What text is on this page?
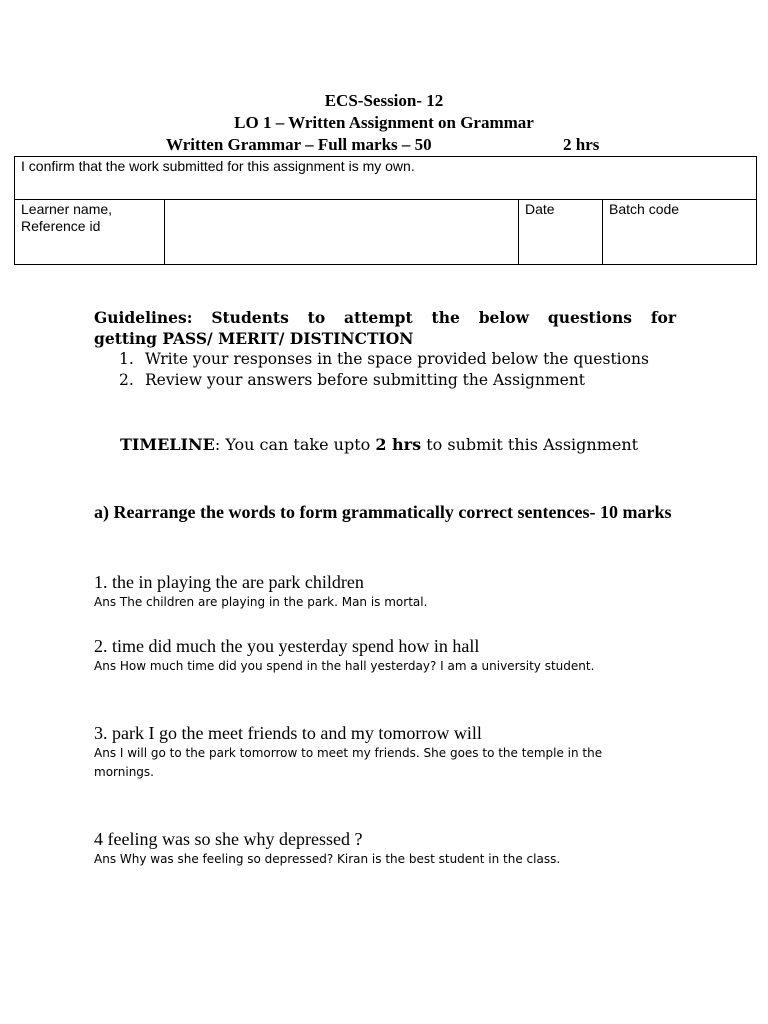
ECS-Session- 12
LO 1 – Written Assignment on Grammar
Written Grammar – Full marks – 50	2 hrs
I confirm that the work submitted for this assignment is my own.

Learner name,
Reference id
		Date	Batch code
Guidelines: Students to attempt the below questions for
getting PASS/ MERIT/ DISTINCTION
1. Write your responses in the space provided below the questions
2. Review your answers before submitting the Assignment
TIMELINE: You can take upto 2 hrs to submit this Assignment
a) Rearrange the words to form grammatically correct sentences- 10 marks
1. the in playing the are park children
Ans The children are playing in the park. Man is mortal.
2. time did much the you yesterday spend how in hall
Ans How much time did you spend in the hall yesterday? I am a university student.
3. park I go the meet friends to and my tomorrow will
Ans I will go to the park tomorrow to meet my friends. She goes to the temple in the mornings.
4 feeling was so she why depressed ?
Ans Why was she feeling so depressed? Kiran is the best student in the class.
